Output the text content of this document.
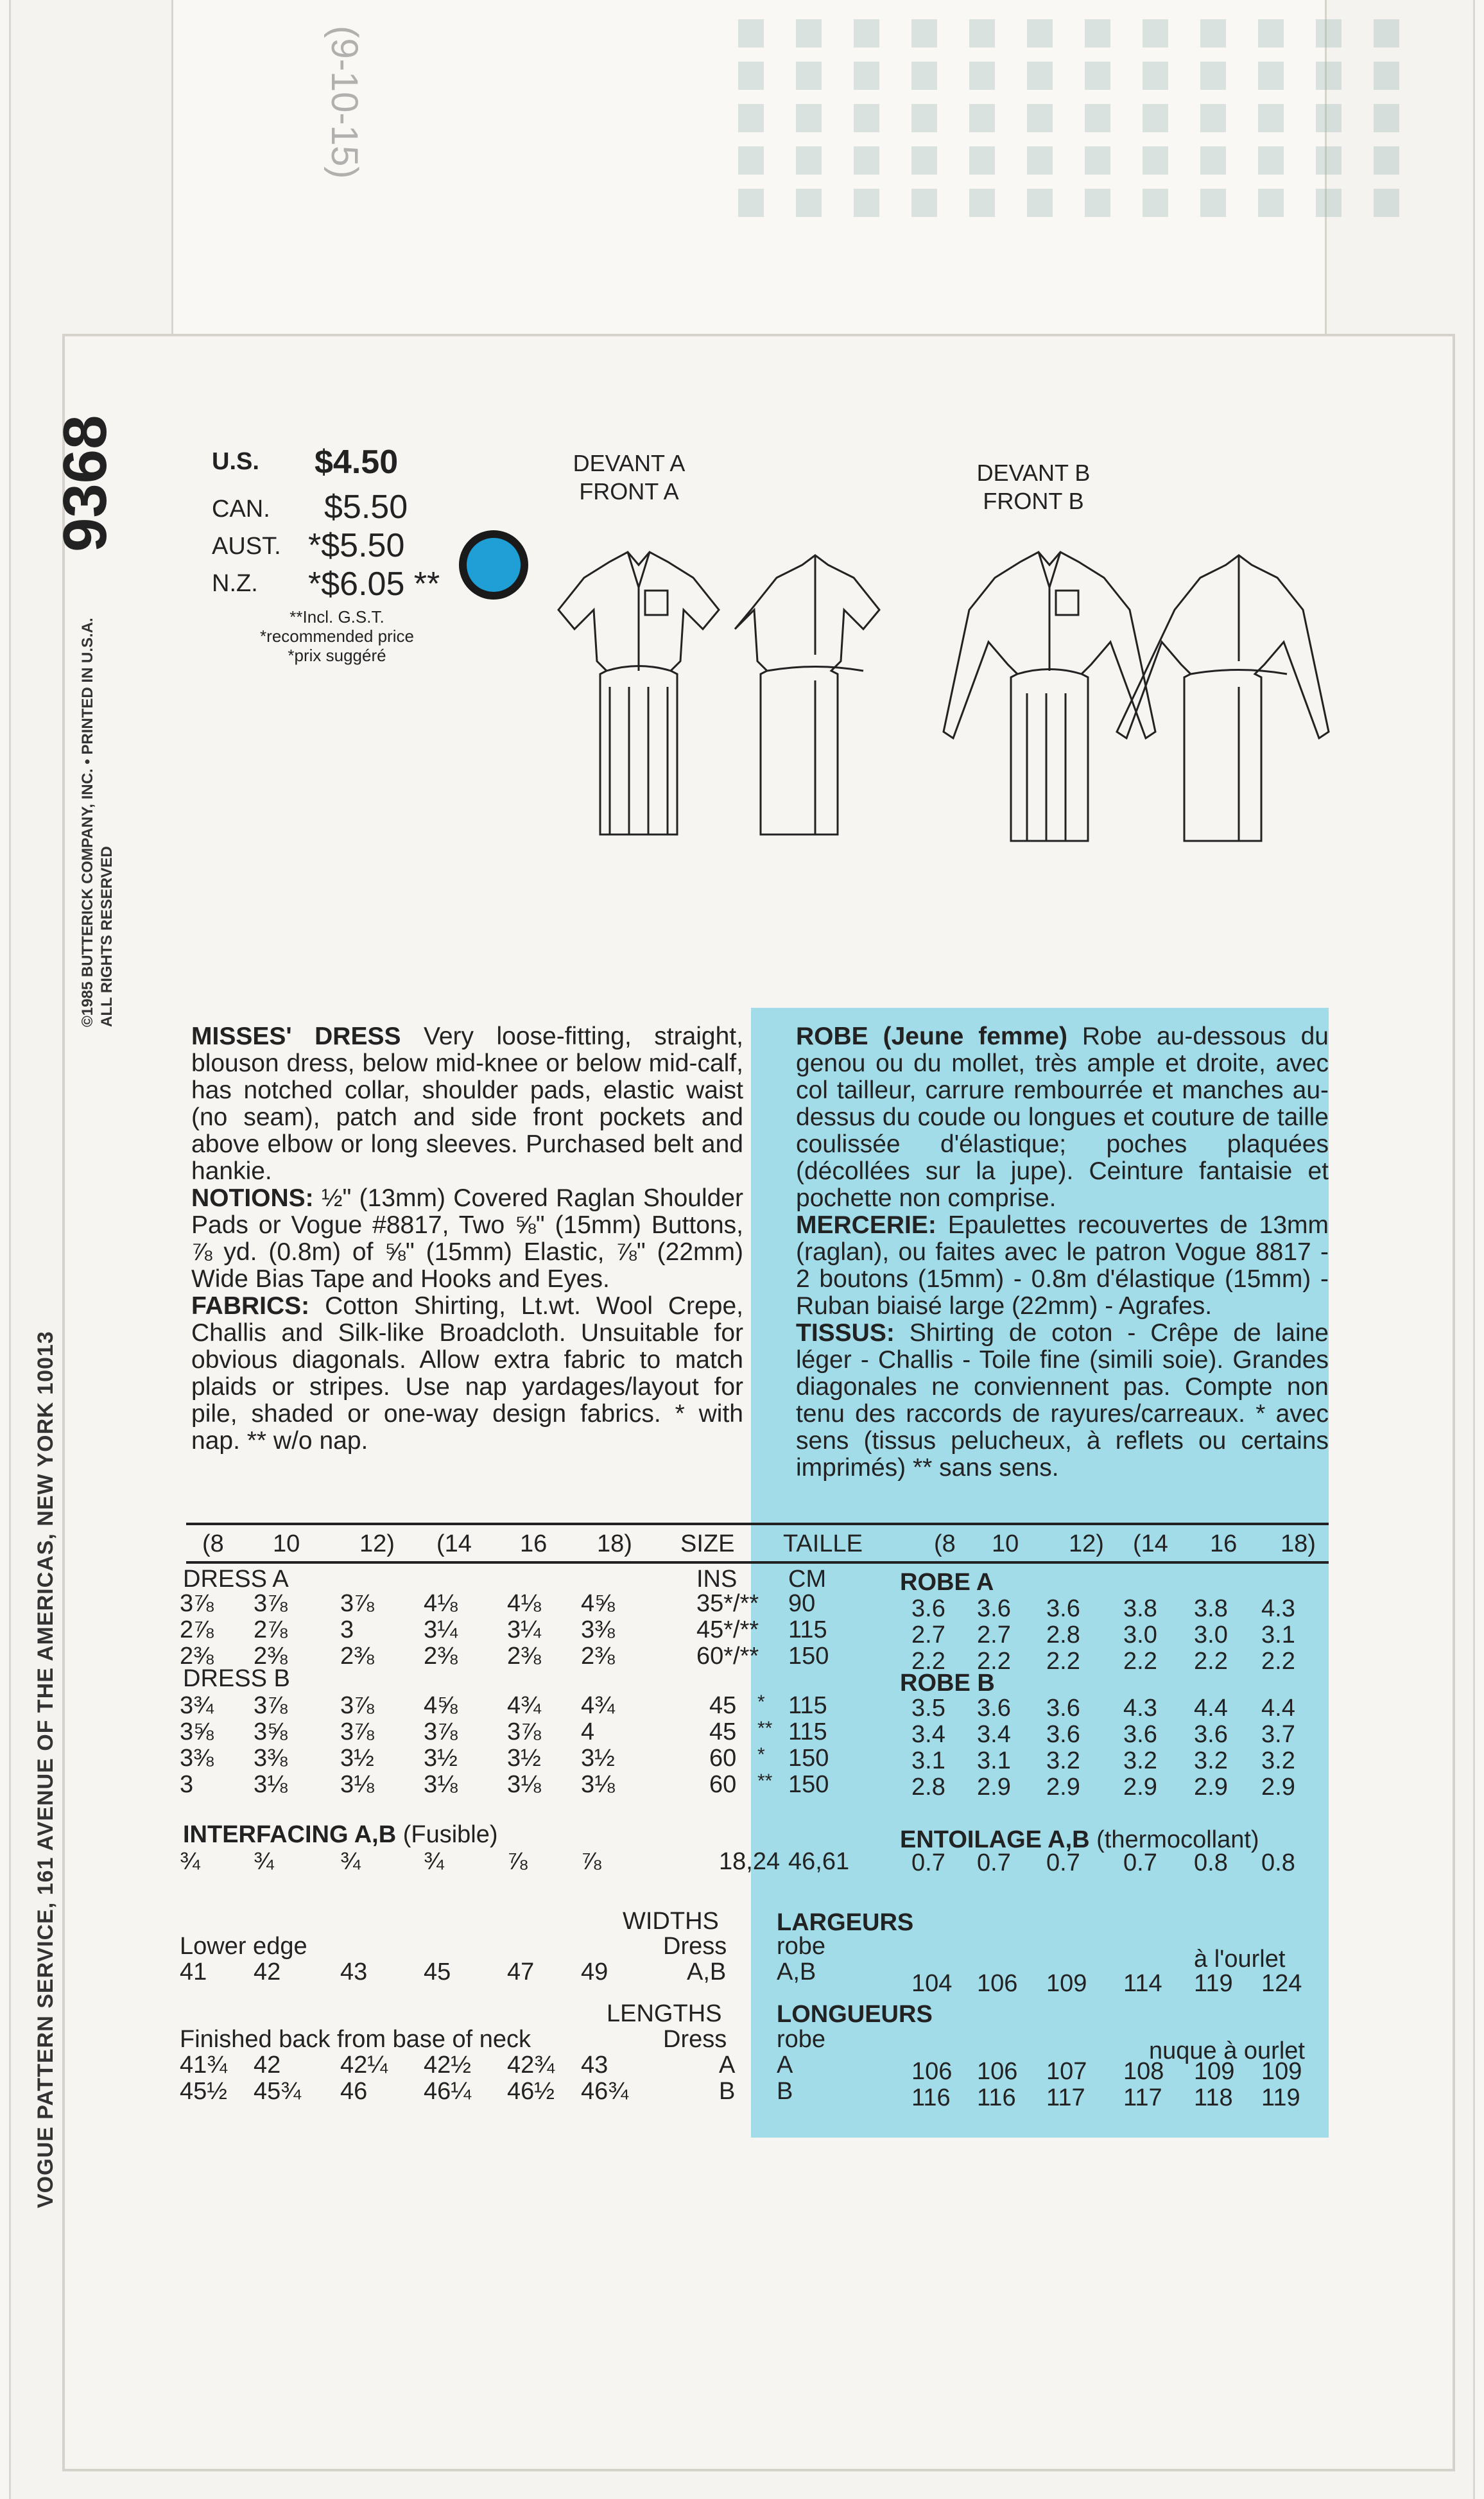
(9-10-15)
VOGUE PATTERN SERVICE, 161 AVENUE OF THE AMERICAS, NEW YORK 10013
©1985 BUTTERICK COMPANY, INC. • PRINTED IN U.S.A. ALL RIGHTS RESERVED
9368	U.S. $4.50
CAN. $5.50
AUST. *$5.50
N.Z. *$6.05 **
**Incl. G.S.T.
*recommended price
*prix suggéré
DEVANT A
FRONT A
DEVANT B
FRONT B
MISSES' DRESS Very loose-fitting, straight, blouson dress, below mid-knee or below mid-calf, has notched collar, shoulder pads, elastic waist (no seam), patch and side front pockets and above elbow or long sleeves. Purchased belt and hankie.
NOTIONS: ½" (13mm) Covered Raglan Shoulder Pads or Vogue #8817, Two ⅝" (15mm) Buttons, ⅞ yd. (0.8m) of ⅝" (15mm) Elastic, ⅞" (22mm) Wide Bias Tape and Hooks and Eyes.
FABRICS: Cotton Shirting, Lt.wt. Wool Crepe, Challis and Silk-like Broadcloth. Unsuitable for obvious diagonals. Allow extra fabric to match plaids or stripes. Use nap yardages/layout for pile, shaded or one-way design fabrics. * with nap. ** w/o nap.
ROBE (Jeune femme) Robe au-dessous du genou ou du mollet, très ample et droite, avec col tailleur, carrure rembourrée et manches au-dessus du coude ou longues et couture de taille coulissée d'élastique; poches plaquées (décollées sur la jupe). Ceinture fantaisie et pochette non comprise.
MERCERIE: Epaulettes recouvertes de 13mm (raglan), ou faites avec le patron Vogue 8817 - 2 boutons (15mm) - 0.8m d'élastique (15mm) - Ruban biaisé large (22mm) - Agrafes.
TISSUS: Shirting de coton - Crêpe de laine léger - Challis - Toile fine (simili soie). Grandes diagonales ne conviennent pas. Compte non tenu des raccords de rayures/carreaux. * avec sens (tissus pelucheux, à reflets ou certains imprimés) ** sans sens.
(8 10 12) (14 16 18) SIZE TAILLE	(8 10 12) (14 16 18)
DRESS A	INS CM	ROBE A
3⅞ 3⅞ 3⅞ 4⅛ 4⅛ 4⅝	35*/** 90	3.6 3.6 3.6 3.8 3.8 4.3
2⅞ 2⅞ 3	3¼ 3¼ 3⅜	45*/** 115	2.7 2.7 2.8 3.0 3.0 3.1
2⅜ 2⅜ 2⅜ 2⅜ 2⅜ 2⅜	60*/** 150	2.2 2.2 2.2 2.2 2.2 2.2
DRESS B	ROBE B
3¾ 3⅞ 3⅞ 4⅝ 4¾ 4¾	45 * 115	3.5 3.6 3.6 4.3 4.4 4.4
3⅝ 3⅝ 3⅞ 3⅞ 3⅞ 4	45 ** 115	3.4 3.4 3.6 3.6 3.6 3.7
3⅜ 3⅜ 3½ 3½ 3½ 3½	60 * 150	3.1 3.1 3.2 3.2 3.2 3.2
3 3⅛ 3⅛ 3⅛ 3⅛ 3⅛	60 ** 150	2.8 2.9 2.9 2.9 2.9 2.9
INTERFACING A,B (Fusible)	ENTOILAGE A,B (thermocollant)
¾ ¾	¾	¾	⅞ ⅞	18,24 46,61	0.7 0.7 0.7 0.7 0.8 0.8
WIDTHS LARGEURS
Dress
Lower edge	robe	à l'ourlet
41 42 43 45 47 49	A,B A,B	104 106 109 114 119 124
LENGTHS LONGUEURS
Dress
Finished back from base of neck	robe	nuque à ourlet
41¾ 42 42¼ 42½ 42¾ 43	A A	106 106 107 108 109 109
45½ 45¾ 46 46¼ 46½ 46¾	B B	116 116 117 117 118 119
